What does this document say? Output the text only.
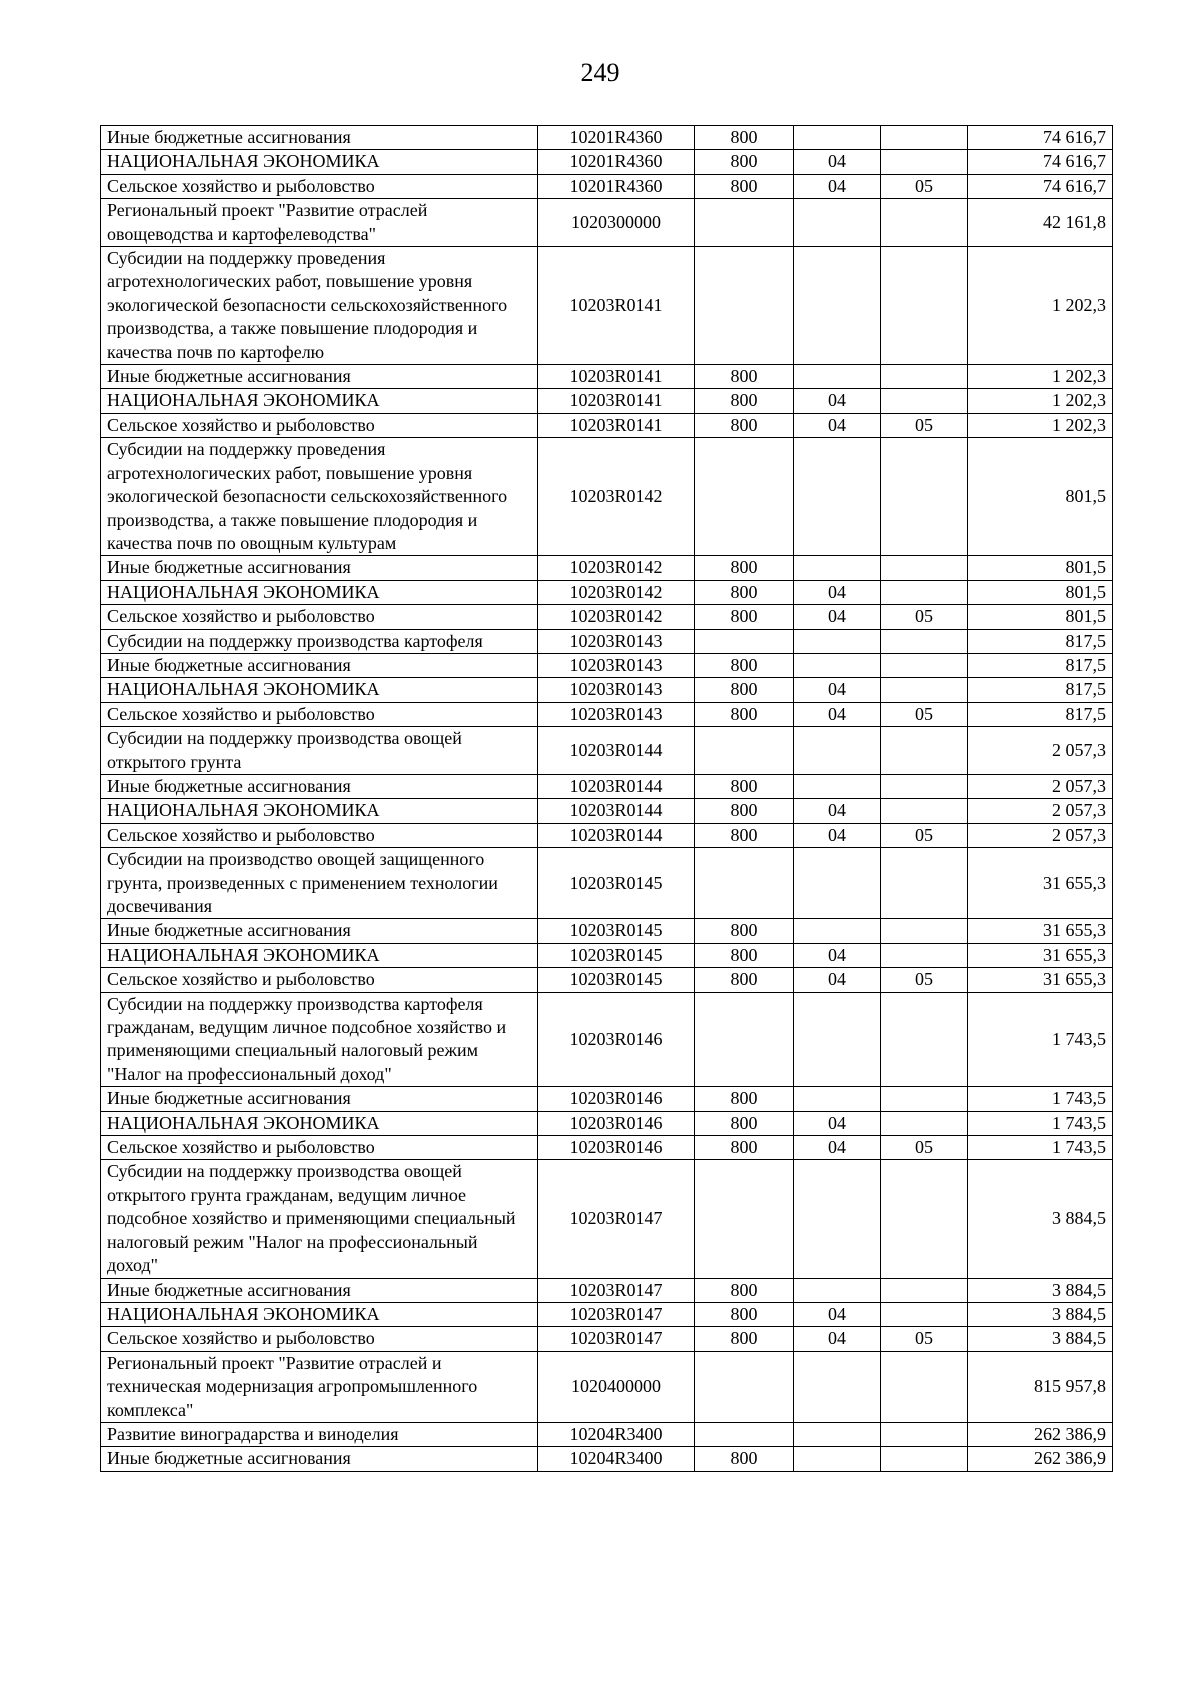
249
Иные бюджетные ассигнования	10201R4360	800			74 616,7
НАЦИОНАЛЬНАЯ ЭКОНОМИКА	10201R4360	800	04		74 616,7
Сельское хозяйство и рыболовство	10201R4360	800	04	05	74 616,7
Региональный проект "Развитие отраслей овощеводства и картофелеводства"	1020300000				42 161,8
Субсидии на поддержку проведения агротехнологических работ, повышение уровня экологической безопасности сельскохозяйственного производства, а также повышение плодородия и качества почв по картофелю	10203R0141				1 202,3
Иные бюджетные ассигнования	10203R0141	800			1 202,3
НАЦИОНАЛЬНАЯ ЭКОНОМИКА	10203R0141	800	04		1 202,3
Сельское хозяйство и рыболовство	10203R0141	800	04	05	1 202,3
Субсидии на поддержку проведения агротехнологических работ, повышение уровня экологической безопасности сельскохозяйственного производства, а также повышение плодородия и качества почв по овощным культурам	10203R0142				801,5
Иные бюджетные ассигнования	10203R0142	800			801,5
НАЦИОНАЛЬНАЯ ЭКОНОМИКА	10203R0142	800	04		801,5
Сельское хозяйство и рыболовство	10203R0142	800	04	05	801,5
Субсидии на поддержку производства картофеля	10203R0143				817,5
Иные бюджетные ассигнования	10203R0143	800			817,5
НАЦИОНАЛЬНАЯ ЭКОНОМИКА	10203R0143	800	04		817,5
Сельское хозяйство и рыболовство	10203R0143	800	04	05	817,5
Субсидии на поддержку производства овощей открытого грунта	10203R0144				2 057,3
Иные бюджетные ассигнования	10203R0144	800			2 057,3
НАЦИОНАЛЬНАЯ ЭКОНОМИКА	10203R0144	800	04		2 057,3
Сельское хозяйство и рыболовство	10203R0144	800	04	05	2 057,3
Субсидии на производство овощей защищенного грунта, произведенных с применением технологии досвечивания	10203R0145				31 655,3
Иные бюджетные ассигнования	10203R0145	800			31 655,3
НАЦИОНАЛЬНАЯ ЭКОНОМИКА	10203R0145	800	04		31 655,3
Сельское хозяйство и рыболовство	10203R0145	800	04	05	31 655,3
Субсидии на поддержку производства картофеля гражданам, ведущим личное подсобное хозяйство и применяющими специальный налоговый режим "Налог на профессиональный доход"	10203R0146				1 743,5
Иные бюджетные ассигнования	10203R0146	800			1 743,5
НАЦИОНАЛЬНАЯ ЭКОНОМИКА	10203R0146	800	04		1 743,5
Сельское хозяйство и рыболовство	10203R0146	800	04	05	1 743,5
Субсидии на поддержку производства овощей открытого грунта гражданам, ведущим личное подсобное хозяйство и применяющими специальный налоговый режим "Налог на профессиональный доход"	10203R0147				3 884,5
Иные бюджетные ассигнования	10203R0147	800			3 884,5
НАЦИОНАЛЬНАЯ ЭКОНОМИКА	10203R0147	800	04		3 884,5
Сельское хозяйство и рыболовство	10203R0147	800	04	05	3 884,5
Региональный проект "Развитие отраслей и техническая модернизация агропромышленного комплекса"	1020400000				815 957,8
Развитие виноградарства и виноделия	10204R3400				262 386,9
Иные бюджетные ассигнования	10204R3400	800			262 386,9
